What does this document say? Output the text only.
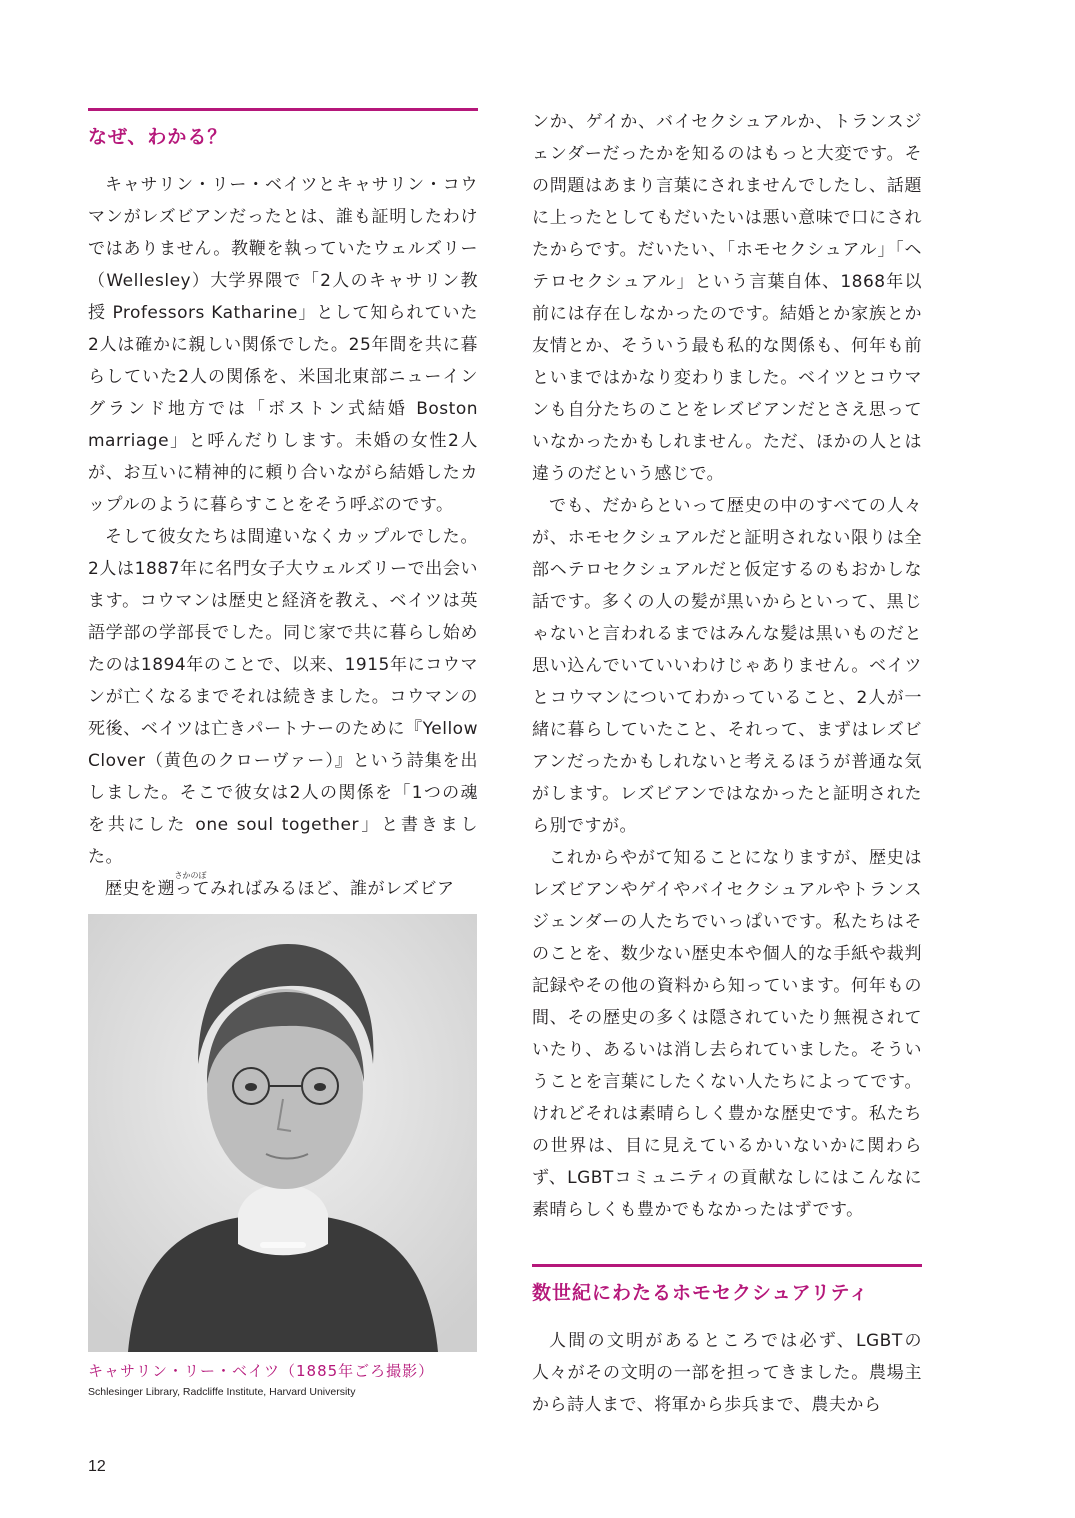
なぜ、わかる？

キャサリン・リー・ベイツとキャサリン・コウマンがレズビアンだったとは、誰も証明したわけではありません。教鞭を執っていたウェルズリー（Wellesley）大学界隈で「2人のキャサリン教授 Professors Katharine」として知られていた2人は確かに親しい関係でした。25年間を共に暮らしていた2人の関係を、米国北東部ニューイングランド地方では「ボストン式結婚 Boston marriage」と呼んだりします。未婚の女性2人が、お互いに精神的に頼り合いながら結婚したカップルのように暮らすことをそう呼ぶのです。

そして彼女たちは間違いなくカップルでした。2人は1887年に名門女子大ウェルズリーで出会います。コウマンは歴史と経済を教え、ベイツは英語学部の学部長でした。同じ家で共に暮らし始めたのは1894年のことで、以来、1915年にコウマンが亡くなるまでそれは続きました。コウマンの死後、ベイツは亡きパートナーのために『Yellow Clover（黄色のクローヴァー）』という詩集を出しました。そこで彼女は2人の関係を「1つの魂を共にした one soul together」と書きました。

歴史を
さかのぼ
遡ってみればみるほど、誰がレズビア

キャサリン・リー・ベイツ（1885年ごろ撮影）
Schlesinger Library, Radcliffe Institute, Harvard University

ンか、ゲイか、バイセクシュアルか、トランスジェンダーだったかを知るのはもっと大変です。その問題はあまり言葉にされませんでしたし、話題に上ったとしてもだいたいは悪い意味で口にされたからです。だいたい、「ホモセクシュアル」「ヘテロセクシュアル」という言葉自体、1868年以前には存在しなかったのです。結婚とか家族とか友情とか、そういう最も私的な関係も、何年も前といまではかなり変わりました。ベイツとコウマンも自分たちのことをレズビアンだとさえ思っていなかったかもしれません。ただ、ほかの人とは違うのだという感じで。

でも、だからといって歴史の中のすべての人々が、ホモセクシュアルだと証明されない限りは全部ヘテロセクシュアルだと仮定するのもおかしな話です。多くの人の髪が黒いからといって、黒じゃないと言われるまではみんな髪は黒いものだと思い込んでいていいわけじゃありません。ベイツとコウマンについてわかっていること、2人が一緒に暮らしていたこと、それって、まずはレズビアンだったかもしれないと考えるほうが普通な気がします。レズビアンではなかったと証明されたら別ですが。

これからやがて知ることになりますが、歴史はレズビアンやゲイやバイセクシュアルやトランスジェンダーの人たちでいっぱいです。私たちはそのことを、数少ない歴史本や個人的な手紙や裁判記録やその他の資料から知っています。何年もの間、その歴史の多くは隠されていたり無視されていたり、あるいは消し去られていました。そういうことを言葉にしたくない人たちによってです。けれどそれは素晴らしく豊かな歴史です。私たちの世界は、目に見えているかいないかに関わらず、LGBTコミュニティの貢献なしにはこんなに素晴らしくも豊かでもなかったはずです。

数世紀にわたるホモセクシュアリティ

人間の文明があるところでは必ず、LGBTの人々がその文明の一部を担ってきました。農場主から詩人まで、将軍から歩兵まで、農夫から

12
